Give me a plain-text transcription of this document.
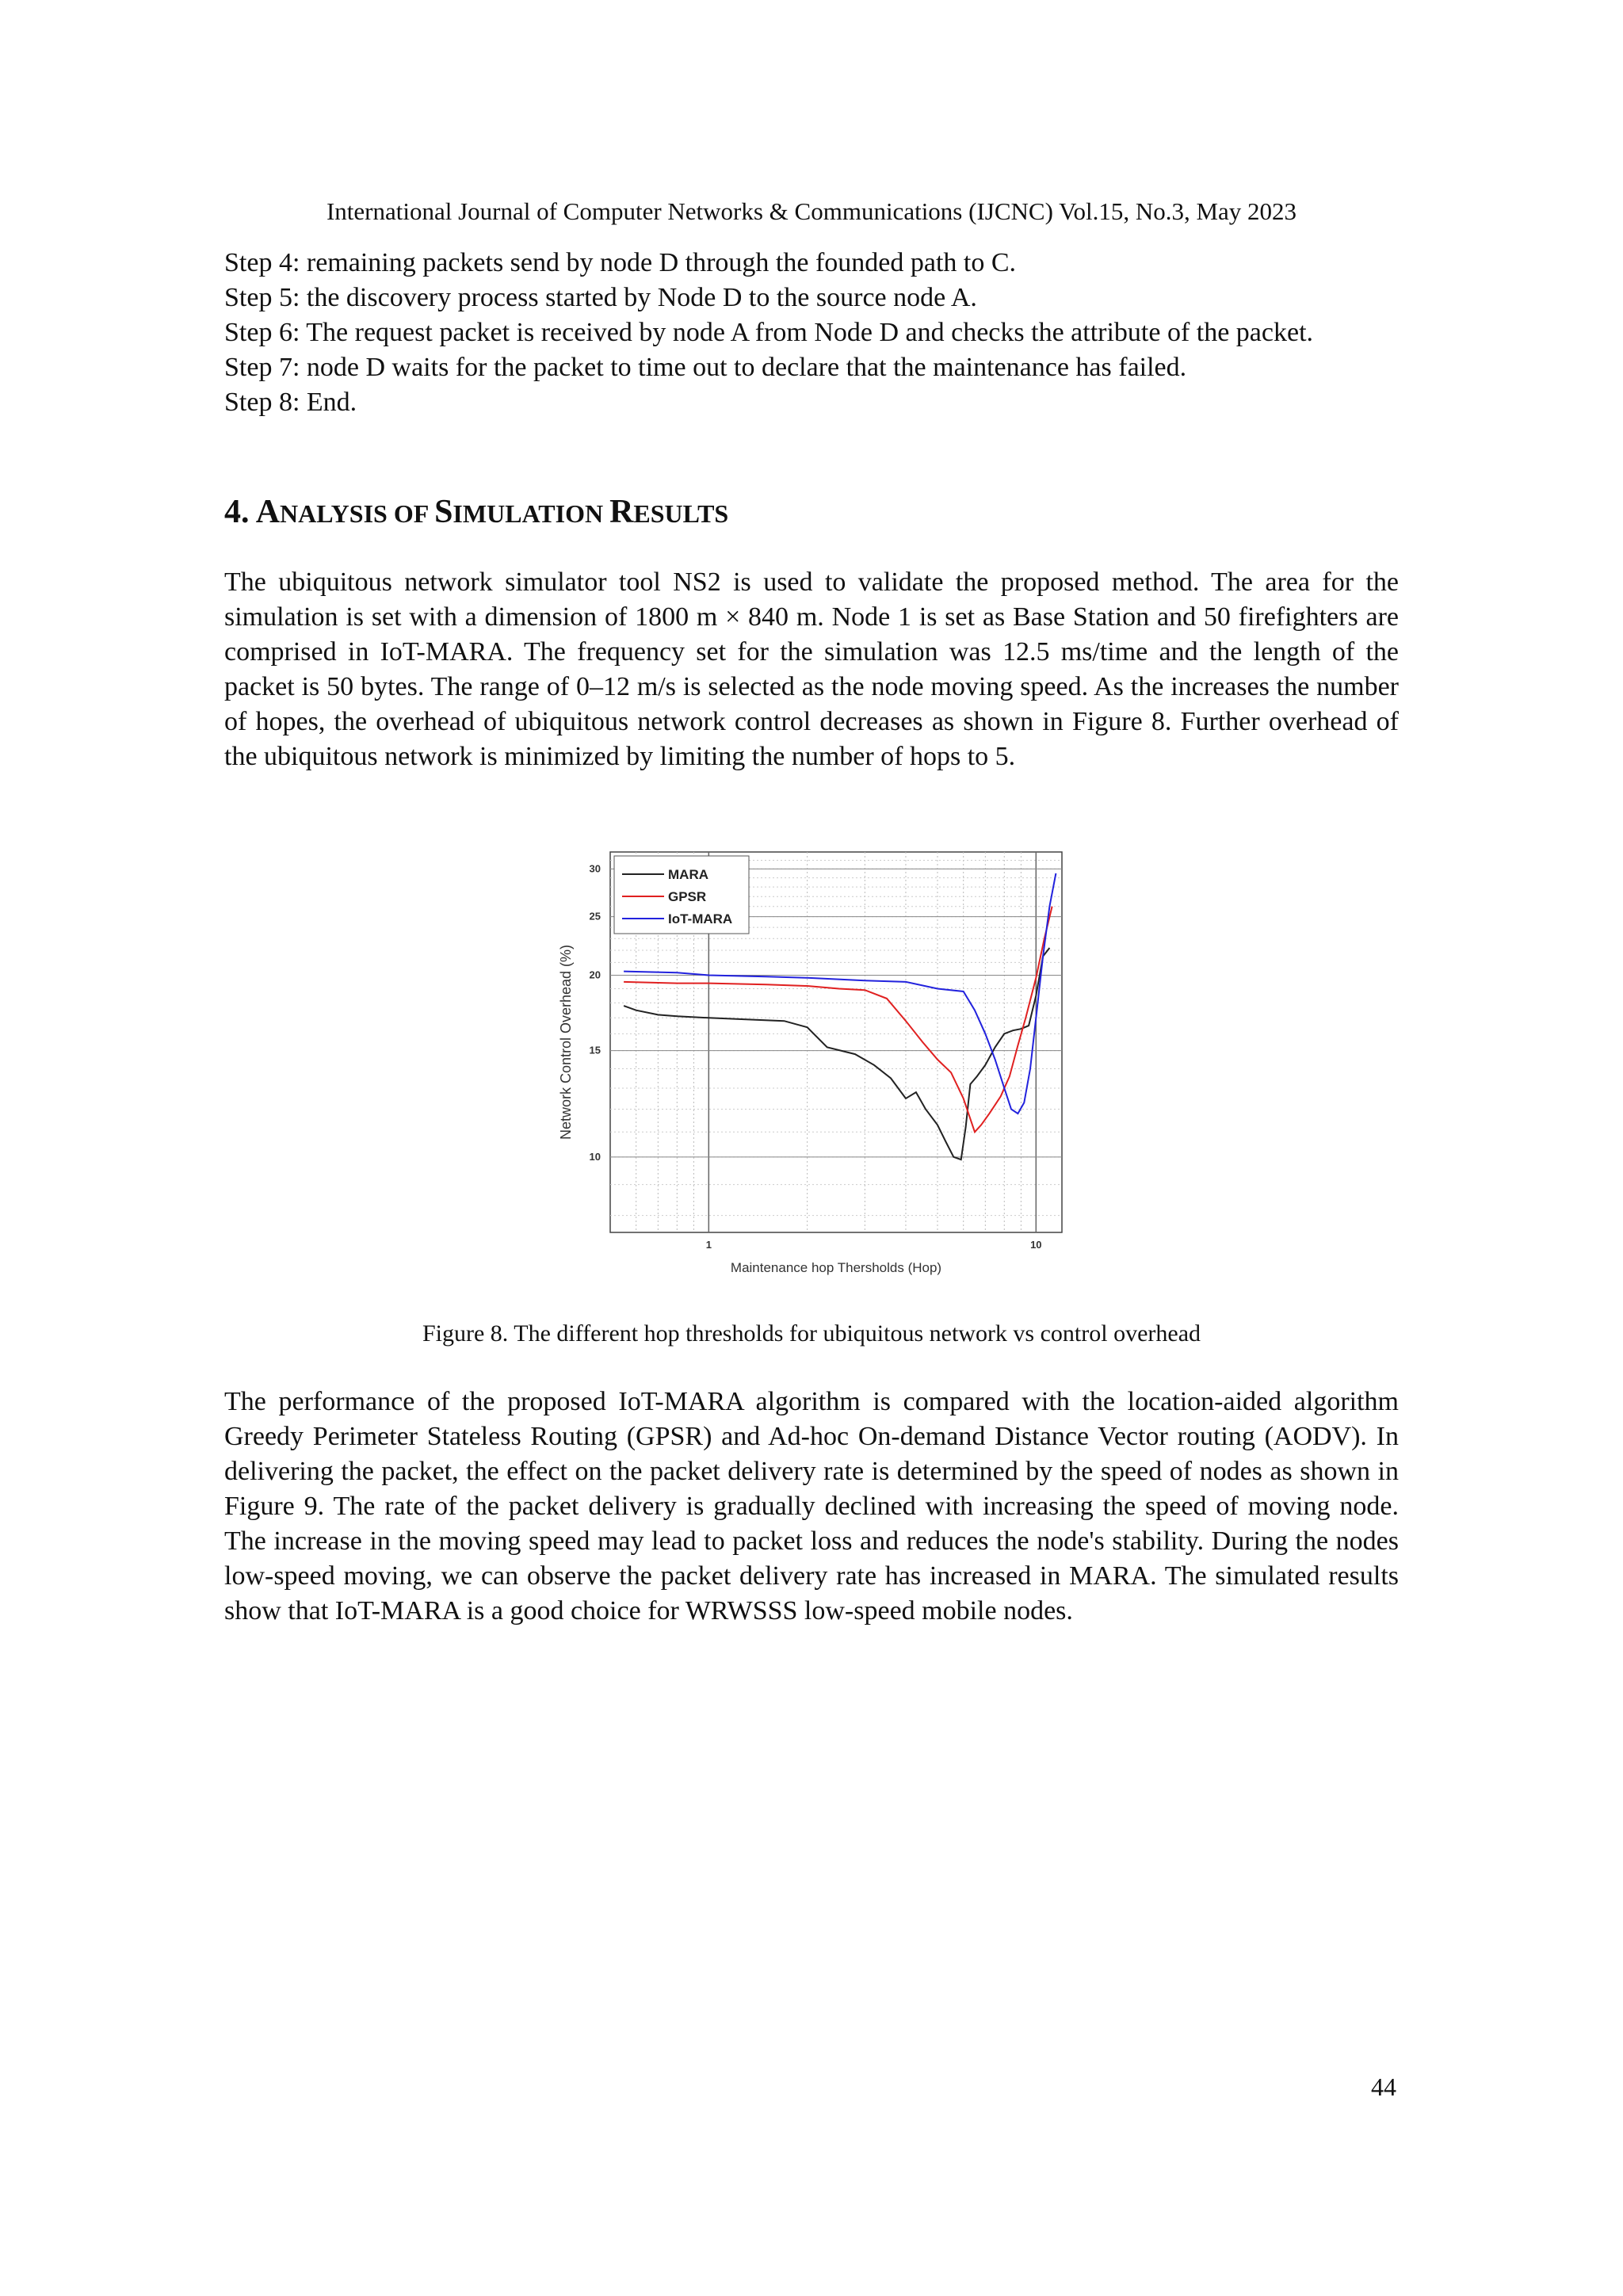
International Journal of Computer Networks & Communications (IJCNC) Vol.15, No.3, May 2023

Step 4: remaining packets send by node D through the founded path to C.

Step 5: the discovery process started by Node D to the source node A.

Step 6: The request packet is received by node A from Node D and checks the attribute of the packet.

Step 7: node D waits for the packet to time out to declare that the maintenance has failed.

Step 8: End.

4. ANALYSIS OF SIMULATION RESULTS

The ubiquitous network simulator tool NS2 is used to validate the proposed method. The area for the simulation is set with a dimension of 1800 m × 840 m. Node 1 is set as Base Station and 50 firefighters are comprised in IoT-MARA. The frequency set for the simulation was 12.5 ms/time and the length of the packet is 50 bytes. The range of 0–12 m/s is selected as the node moving speed. As the increases the number of hopes, the overhead of ubiquitous network control decreases as shown in Figure 8. Further overhead of the ubiquitous network is minimized by limiting the number of hops to 5.

1	10
10
15
20
25
30	MARA
GPSR
IoT-MARA
Maintenance hop Thersholds (Hop)
Network Control Overhead (%)
Figure 8. The different hop thresholds for ubiquitous network vs control overhead

The performance of the proposed IoT-MARA algorithm is compared with the location-aided algorithm Greedy Perimeter Stateless Routing (GPSR) and Ad-hoc On-demand Distance Vector routing (AODV). In delivering the packet, the effect on the packet delivery rate is determined by the speed of nodes as shown in Figure 9. The rate of the packet delivery is gradually declined with increasing the speed of moving node. The increase in the moving speed may lead to packet loss and reduces the node's stability. During the nodes low-speed moving, we can observe the packet delivery rate has increased in MARA. The simulated results show that IoT-MARA is a good choice for WRWSSS low-speed mobile nodes.

44
